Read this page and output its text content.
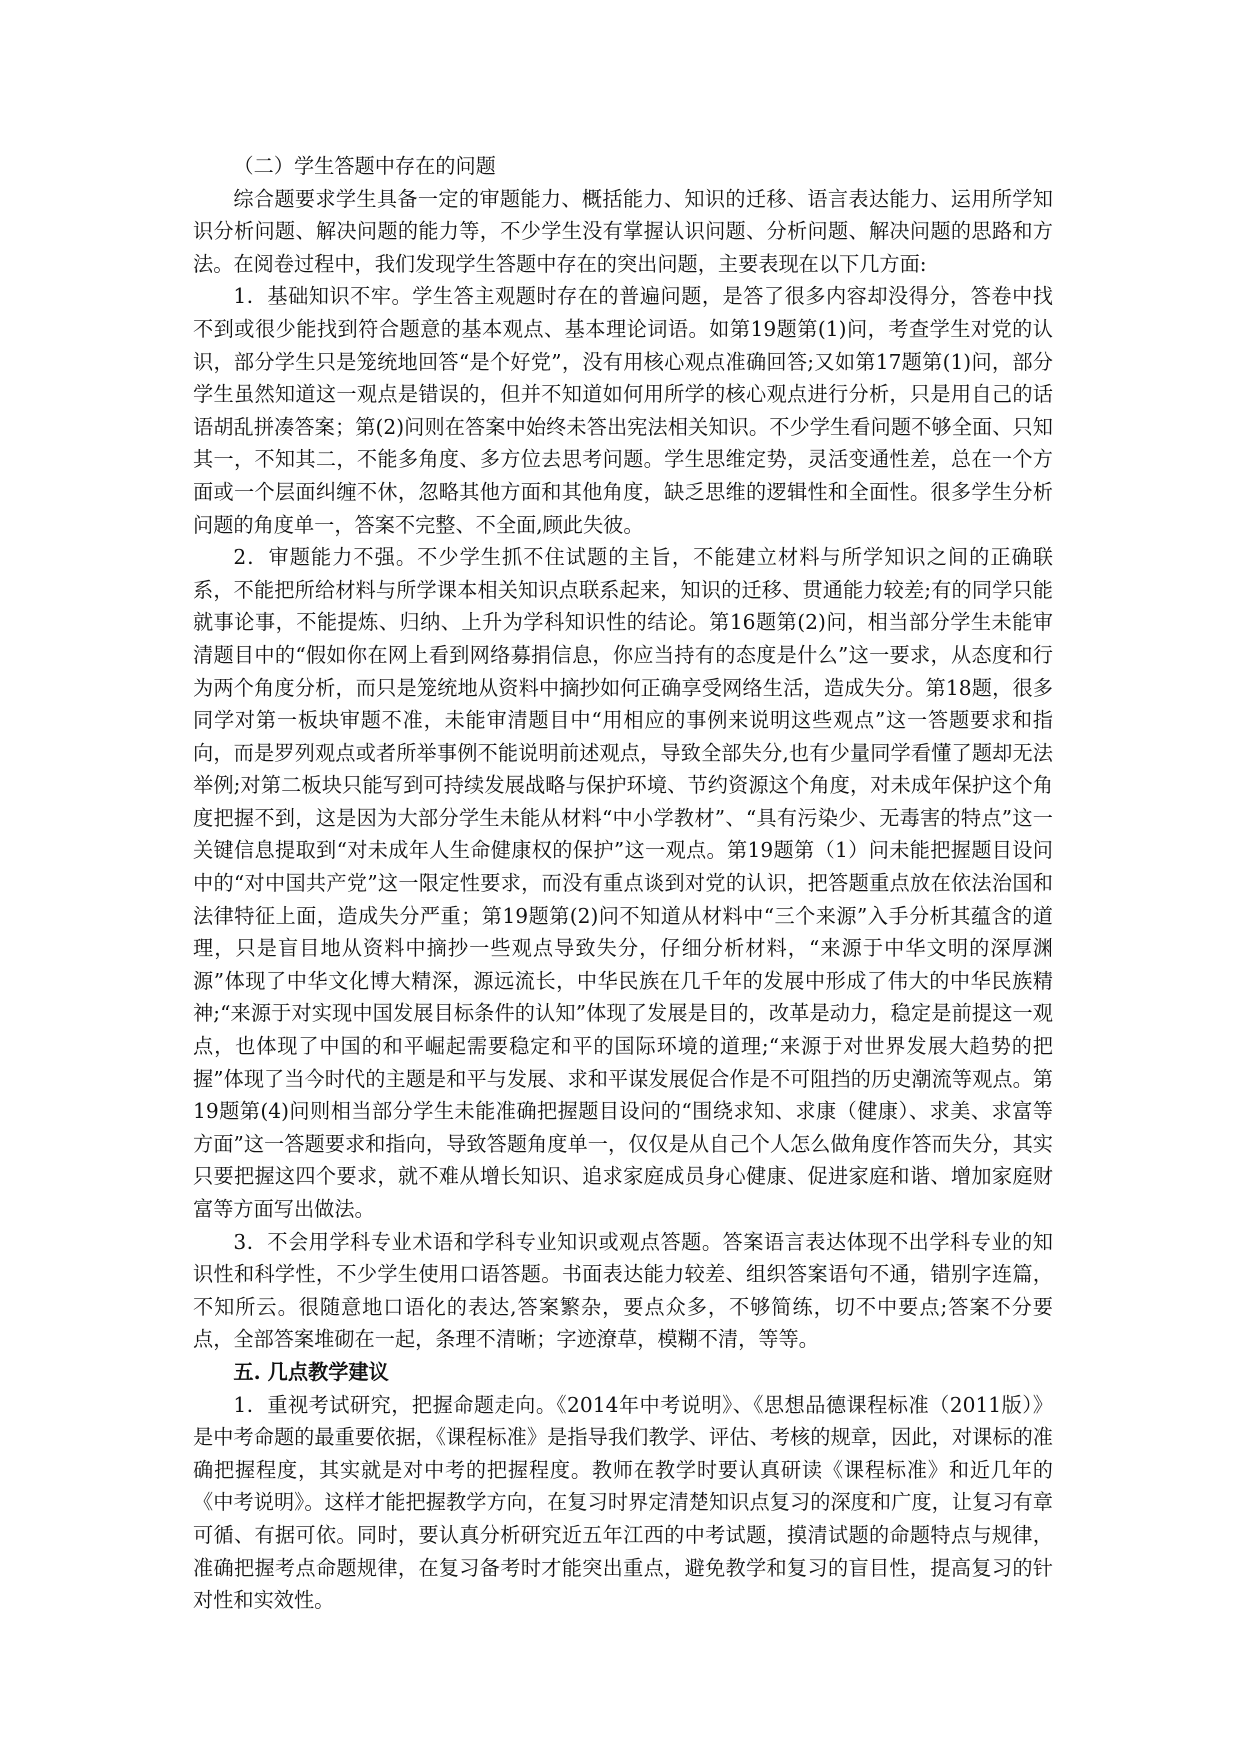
（二）学生答题中存在的问题

综合题要求学生具备一定的审题能力、概括能力、知识的迁移、语言表达能力、运用所学知识分析问题、解决问题的能力等，不少学生没有掌握认识问题、分析问题、解决问题的思路和方法。在阅卷过程中，我们发现学生答题中存在的突出问题，主要表现在以下几方面:

1．基础知识不牢。学生答主观题时存在的普遍问题，是答了很多内容却没得分，答卷中找不到或很少能找到符合题意的基本观点、基本理论词语。如第19题第(1)问，考查学生对党的认识，部分学生只是笼统地回答“是个好党”，没有用核心观点准确回答;又如第17题第(1)问，部分学生虽然知道这一观点是错误的，但并不知道如何用所学的核心观点进行分析，只是用自己的话语胡乱拼凑答案；第(2)问则在答案中始终未答出宪法相关知识。不少学生看问题不够全面、只知其一，不知其二，不能多角度、多方位去思考问题。学生思维定势，灵活变通性差，总在一个方面或一个层面纠缠不休，忽略其他方面和其他角度，缺乏思维的逻辑性和全面性。很多学生分析问题的角度单一，答案不完整、不全面,顾此失彼。

2．审题能力不强。不少学生抓不住试题的主旨，不能建立材料与所学知识之间的正确联系，不能把所给材料与所学课本相关知识点联系起来，知识的迁移、贯通能力较差;有的同学只能就事论事，不能提炼、归纳、上升为学科知识性的结论。第16题第(2)问，相当部分学生未能审清题目中的“假如你在网上看到网络募捐信息，你应当持有的态度是什么”这一要求，从态度和行为两个角度分析，而只是笼统地从资料中摘抄如何正确享受网络生活，造成失分。第18题，很多同学对第一板块审题不准，未能审清题目中“用相应的事例来说明这些观点”这一答题要求和指向，而是罗列观点或者所举事例不能说明前述观点，导致全部失分,也有少量同学看懂了题却无法举例;对第二板块只能写到可持续发展战略与保护环境、节约资源这个角度，对未成年保护这个角度把握不到，这是因为大部分学生未能从材料“中小学教材”、“具有污染少、无毒害的特点”这一关键信息提取到“对未成年人生命健康权的保护”这一观点。第19题第（1）问未能把握题目设问中的“对中国共产党”这一限定性要求，而没有重点谈到对党的认识，把答题重点放在依法治国和法律特征上面，造成失分严重；第19题第(2)问不知道从材料中“三个来源”入手分析其蕴含的道理，只是盲目地从资料中摘抄一些观点导致失分，仔细分析材料，“来源于中华文明的深厚渊源”体现了中华文化博大精深，源远流长，中华民族在几千年的发展中形成了伟大的中华民族精神;“来源于对实现中国发展目标条件的认知”体现了发展是目的，改革是动力，稳定是前提这一观点，也体现了中国的和平崛起需要稳定和平的国际环境的道理;“来源于对世界发展大趋势的把握”体现了当今时代的主题是和平与发展、求和平谋发展促合作是不可阻挡的历史潮流等观点。第19题第(4)问则相当部分学生未能准确把握题目设问的“围绕求知、求康（健康）、求美、求富等方面”这一答题要求和指向，导致答题角度单一，仅仅是从自己个人怎么做角度作答而失分，其实只要把握这四个要求，就不难从增长知识、追求家庭成员身心健康、促进家庭和谐、增加家庭财富等方面写出做法。

3．不会用学科专业术语和学科专业知识或观点答题。答案语言表达体现不出学科专业的知识性和科学性，不少学生使用口语答题。书面表达能力较差、组织答案语句不通，错别字连篇，不知所云。很随意地口语化的表达,答案繁杂，要点众多，不够简练，切不中要点;答案不分要点，全部答案堆砌在一起，条理不清晰；字迹潦草，模糊不清，等等。

五. 几点教学建议

1．重视考试研究，把握命题走向。《2014年中考说明》、《思想品德课程标准（2011版）》是中考命题的最重要依据，《课程标准》是指导我们教学、评估、考核的规章，因此，对课标的准确把握程度，其实就是对中考的把握程度。教师在教学时要认真研读《课程标准》和近几年的《中考说明》。这样才能把握教学方向，在复习时界定清楚知识点复习的深度和广度，让复习有章可循、有据可依。同时，要认真分析研究近五年江西的中考试题，摸清试题的命题特点与规律，准确把握考点命题规律，在复习备考时才能突出重点，避免教学和复习的盲目性，提高复习的针对性和实效性。
